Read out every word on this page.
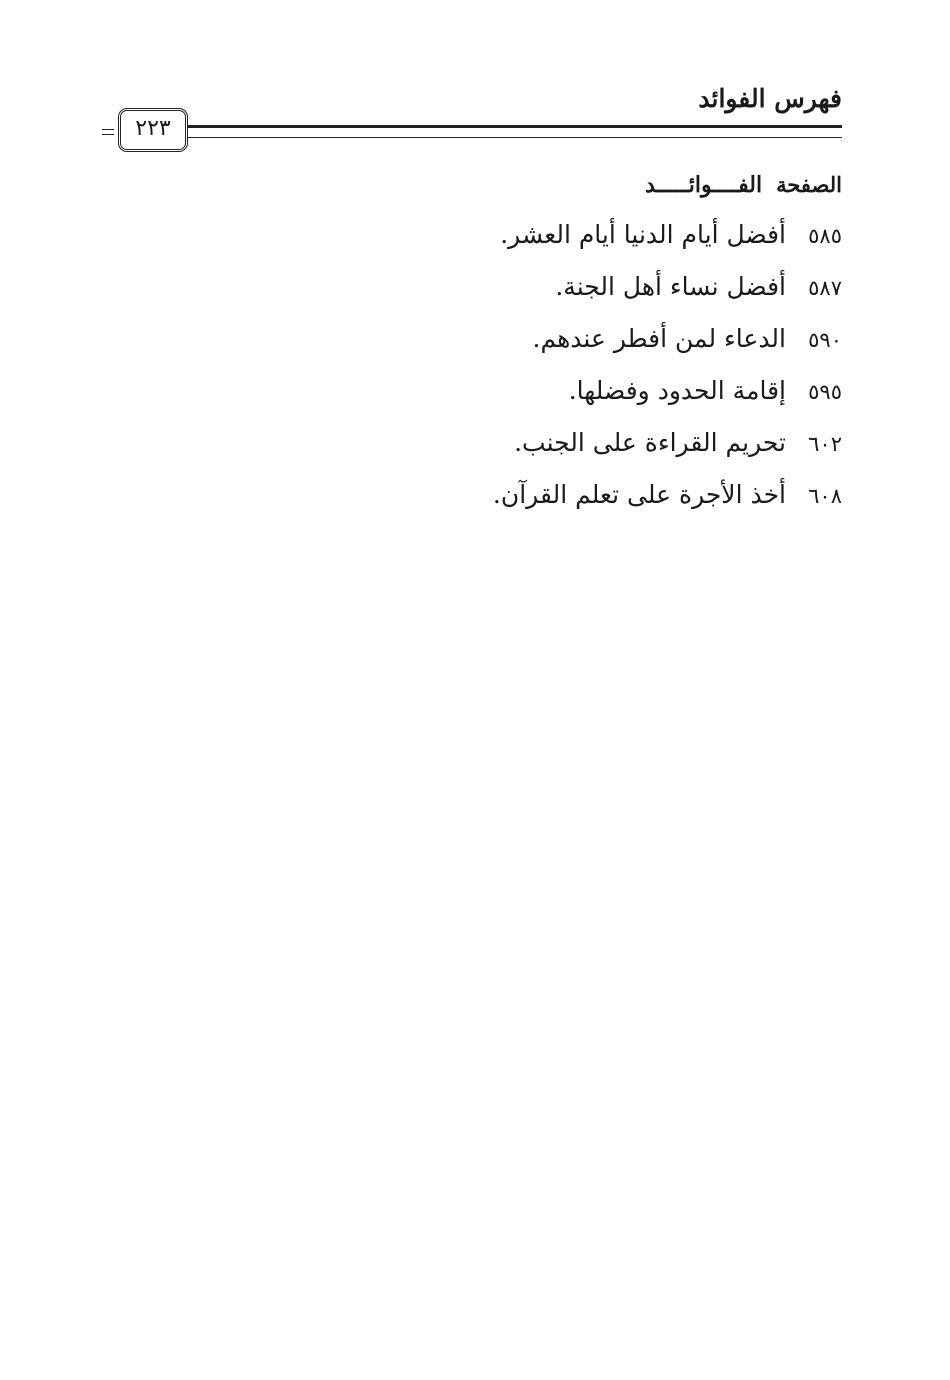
فهرس الفوائد
٢٢٣
الصفحة
الفــــوائـــــد
٥٨٥
أفضل أيام الدنيا أيام العشر.
٥٨٧
أفضل نساء أهل الجنة.
٥٩٠
الدعاء لمن أفطر عندهم.
٥٩٥
إقامة الحدود وفضلها.
٦٠٢
تحريم القراءة على الجنب.
٦٠٨
أخذ الأجرة على تعلم القرآن.
